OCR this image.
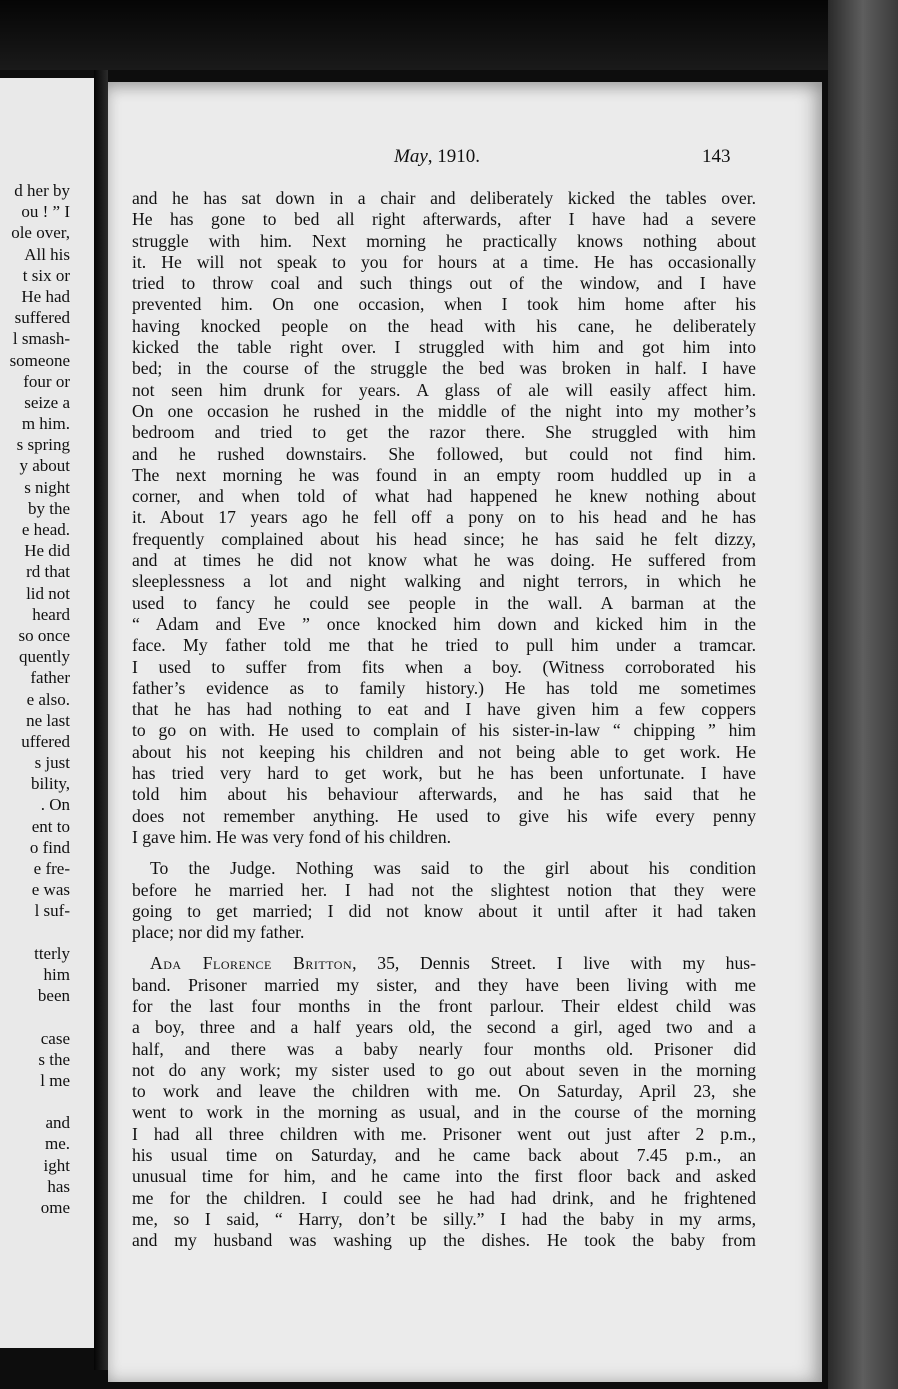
d her by
ou ! ” I
ole over,
All his
t six or
He had
suffered
l smash-
someone
four or
seize a
m him.
s spring
y about
s night
by the
e head.
He did
rd that
lid not
heard
so once
quently
father
e also.
ne last
uffered
s just
bility,
. On
ent to
o find
e fre-
e was
l suf-
tterly
him
been
case
s the
l me
and
me.
ight
has
ome
May, 1910.	143
and he has sat down in a chair and deliberately kicked the tables over.
He has gone to bed all right afterwards, after I have had a severe
struggle with him. Next morning he practically knows nothing about
it. He will not speak to you for hours at a time. He has occasionally
tried to throw coal and such things out of the window, and I have
prevented him. On one occasion, when I took him home after his
having knocked people on the head with his cane, he deliberately
kicked the table right over. I struggled with him and got him into
bed; in the course of the struggle the bed was broken in half. I have
not seen him drunk for years. A glass of ale will easily affect him.
On one occasion he rushed in the middle of the night into my mother’s
bedroom and tried to get the razor there. She struggled with him
and he rushed downstairs. She followed, but could not find him.
The next morning he was found in an empty room huddled up in a
corner, and when told of what had happened he knew nothing about
it. About 17 years ago he fell off a pony on to his head and he has
frequently complained about his head since; he has said he felt dizzy,
and at times he did not know what he was doing. He suffered from
sleeplessness a lot and night walking and night terrors, in which he
used to fancy he could see people in the wall. A barman at the
“ Adam and Eve ” once knocked him down and kicked him in the
face. My father told me that he tried to pull him under a tramcar.
I used to suffer from fits when a boy. (Witness corroborated his
father’s evidence as to family history.) He has told me sometimes
that he has had nothing to eat and I have given him a few coppers
to go on with. He used to complain of his sister-in-law “ chipping ” him
about his not keeping his children and not being able to get work. He
has tried very hard to get work, but he has been unfortunate. I have
told him about his behaviour afterwards, and he has said that he
does not remember anything. He used to give his wife every penny
I gave him. He was very fond of his children.
To the Judge. Nothing was said to the girl about his condition
before he married her. I had not the slightest notion that they were
going to get married; I did not know about it until after it had taken
place; nor did my father.
Ada Florence Britton, 35, Dennis Street. I live with my hus-
band. Prisoner married my sister, and they have been living with me
for the last four months in the front parlour. Their eldest child was
a boy, three and a half years old, the second a girl, aged two and a
half, and there was a baby nearly four months old. Prisoner did
not do any work; my sister used to go out about seven in the morning
to work and leave the children with me. On Saturday, April 23, she
went to work in the morning as usual, and in the course of the morning
I had all three children with me. Prisoner went out just after 2 p.m.,
his usual time on Saturday, and he came back about 7.45 p.m., an
unusual time for him, and he came into the first floor back and asked
me for the children. I could see he had had drink, and he frightened
me, so I said, “ Harry, don’t be silly.” I had the baby in my arms,
and my husband was washing up the dishes. He took the baby from
